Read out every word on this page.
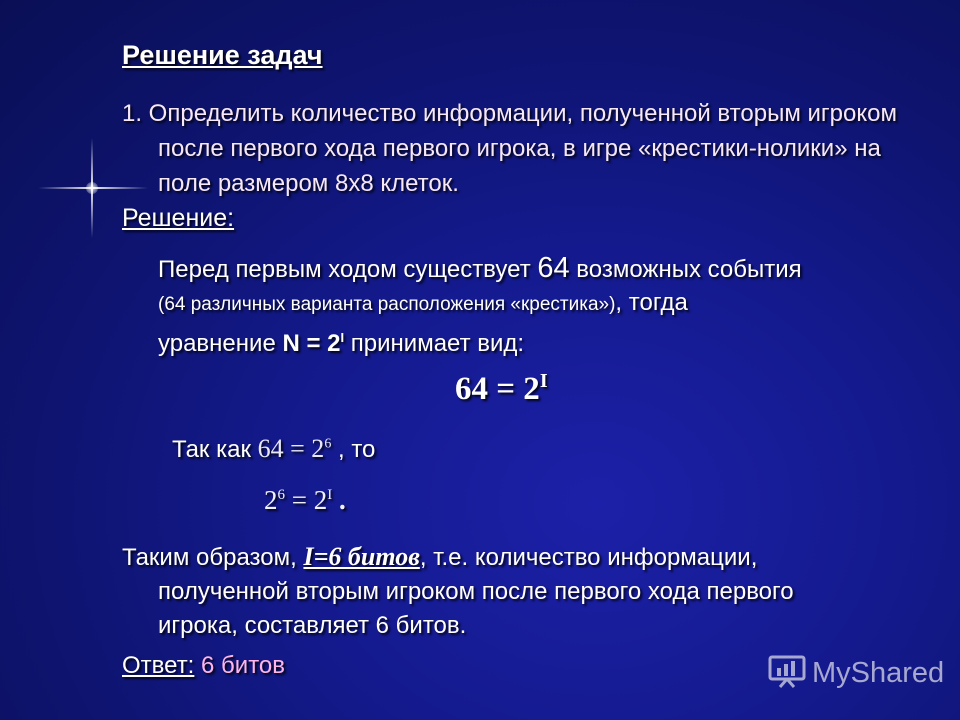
Решение задач
1. Определить количество информации, полученной вторым игроком после первого хода первого игрока, в игре «крестики-нолики» на поле размером 8х8 клеток.
Решение:
Перед первым ходом существует 64 возможных события
(64 различных варианта расположения «крестика»), тогда
уравнение $N = 2^I$ принимает вид:
$64 = 2^I$
Так как $64 = 2^6$ , то
$2^6 = 2^I$ .
Таким образом, I=6 битов, т.е. количество информации,
полученной вторым игроком после первого хода первого
игрока, составляет 6 битов.
Ответ: 6 битов	MyShared
